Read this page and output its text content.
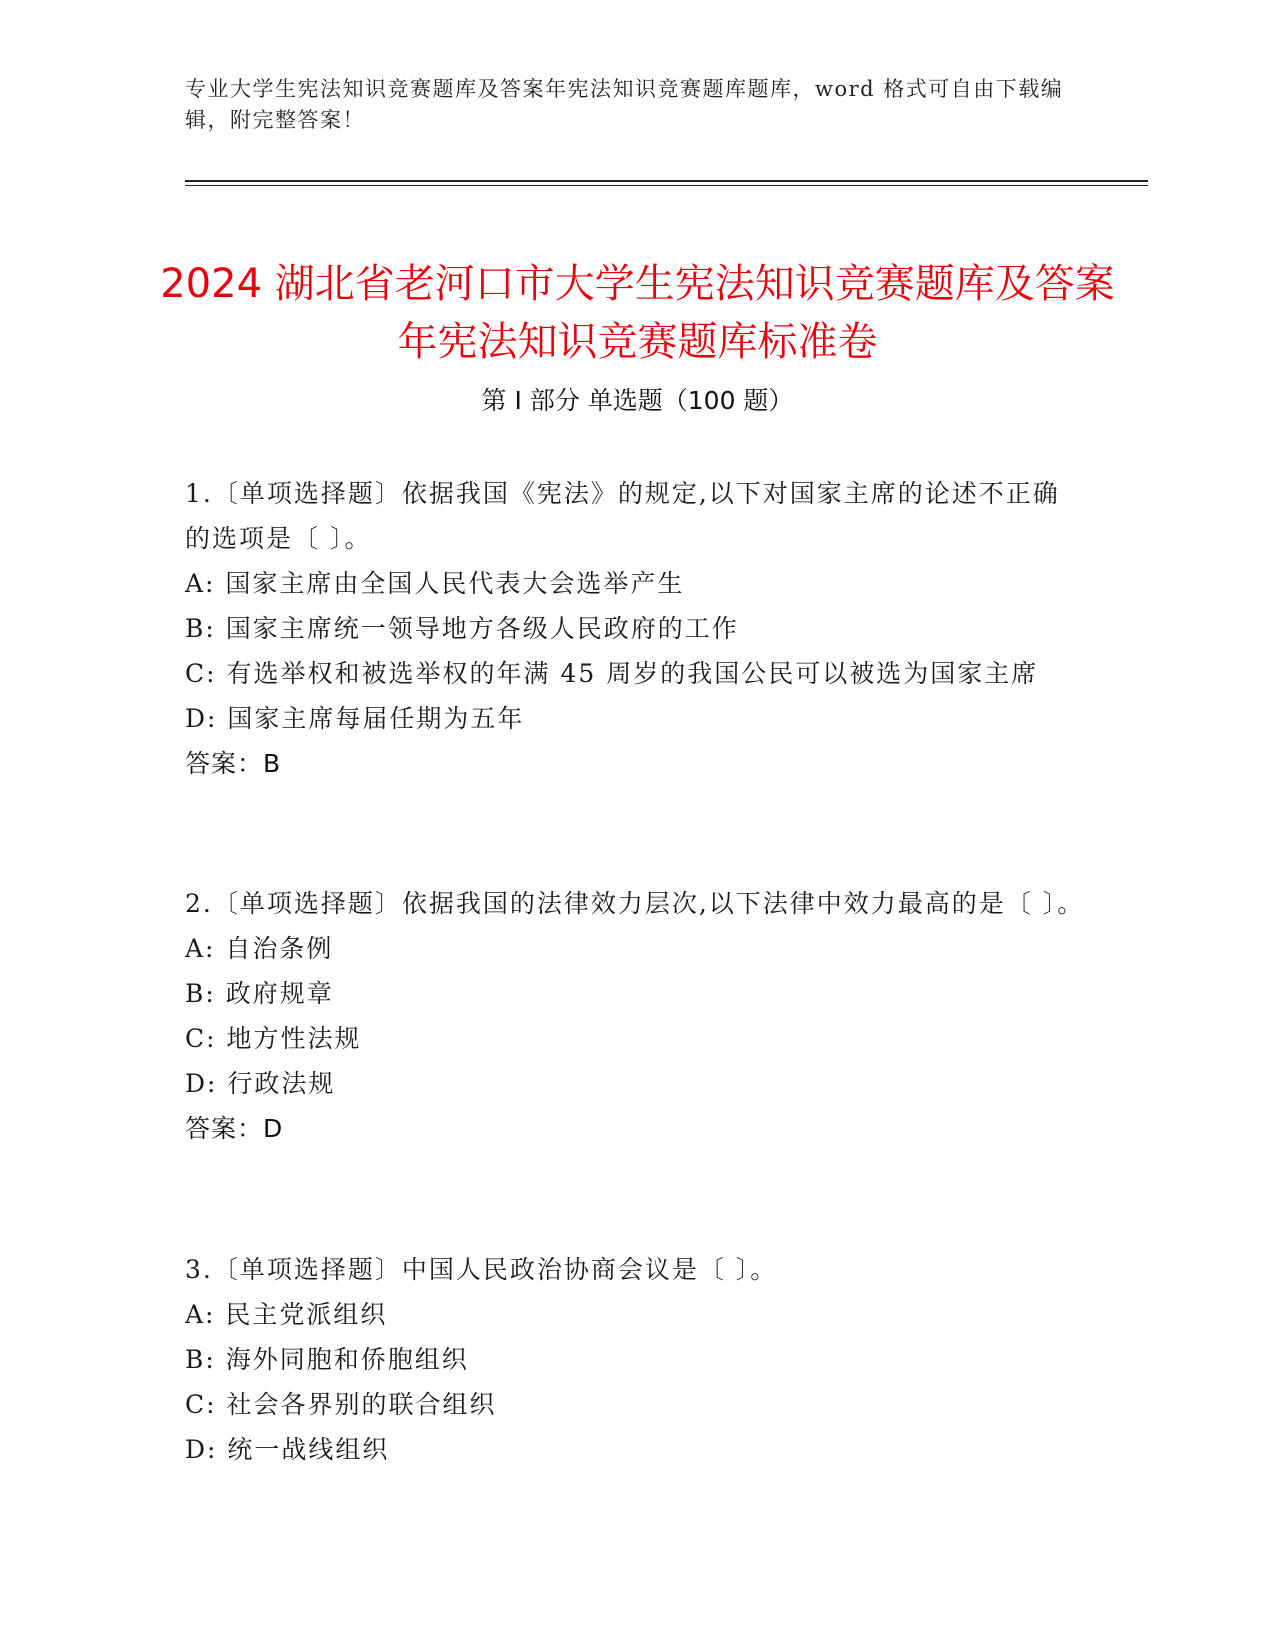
专业大学生宪法知识竞赛题库及答案年宪法知识竞赛题库题库，word 格式可自由下载编辑，附完整答案！
2024 湖北省老河口市大学生宪法知识竞赛题库及答案年宪法知识竞赛题库标准卷
第 I 部分 单选题（100 题）
1.〔单项选择题〕依据我国《宪法》的规定,以下对国家主席的论述不正确的选项是〔 〕。
A: 国家主席由全国人民代表大会选举产生
B: 国家主席统一领导地方各级人民政府的工作
C: 有选举权和被选举权的年满 45 周岁的我国公民可以被选为国家主席
D: 国家主席每届任期为五年
答案：B
2.〔单项选择题〕依据我国的法律效力层次,以下法律中效力最高的是〔 〕。
A: 自治条例
B: 政府规章
C: 地方性法规
D: 行政法规
答案：D
3.〔单项选择题〕中国人民政治协商会议是〔 〕。
A: 民主党派组织
B: 海外同胞和侨胞组织
C: 社会各界别的联合组织
D: 统一战线组织
